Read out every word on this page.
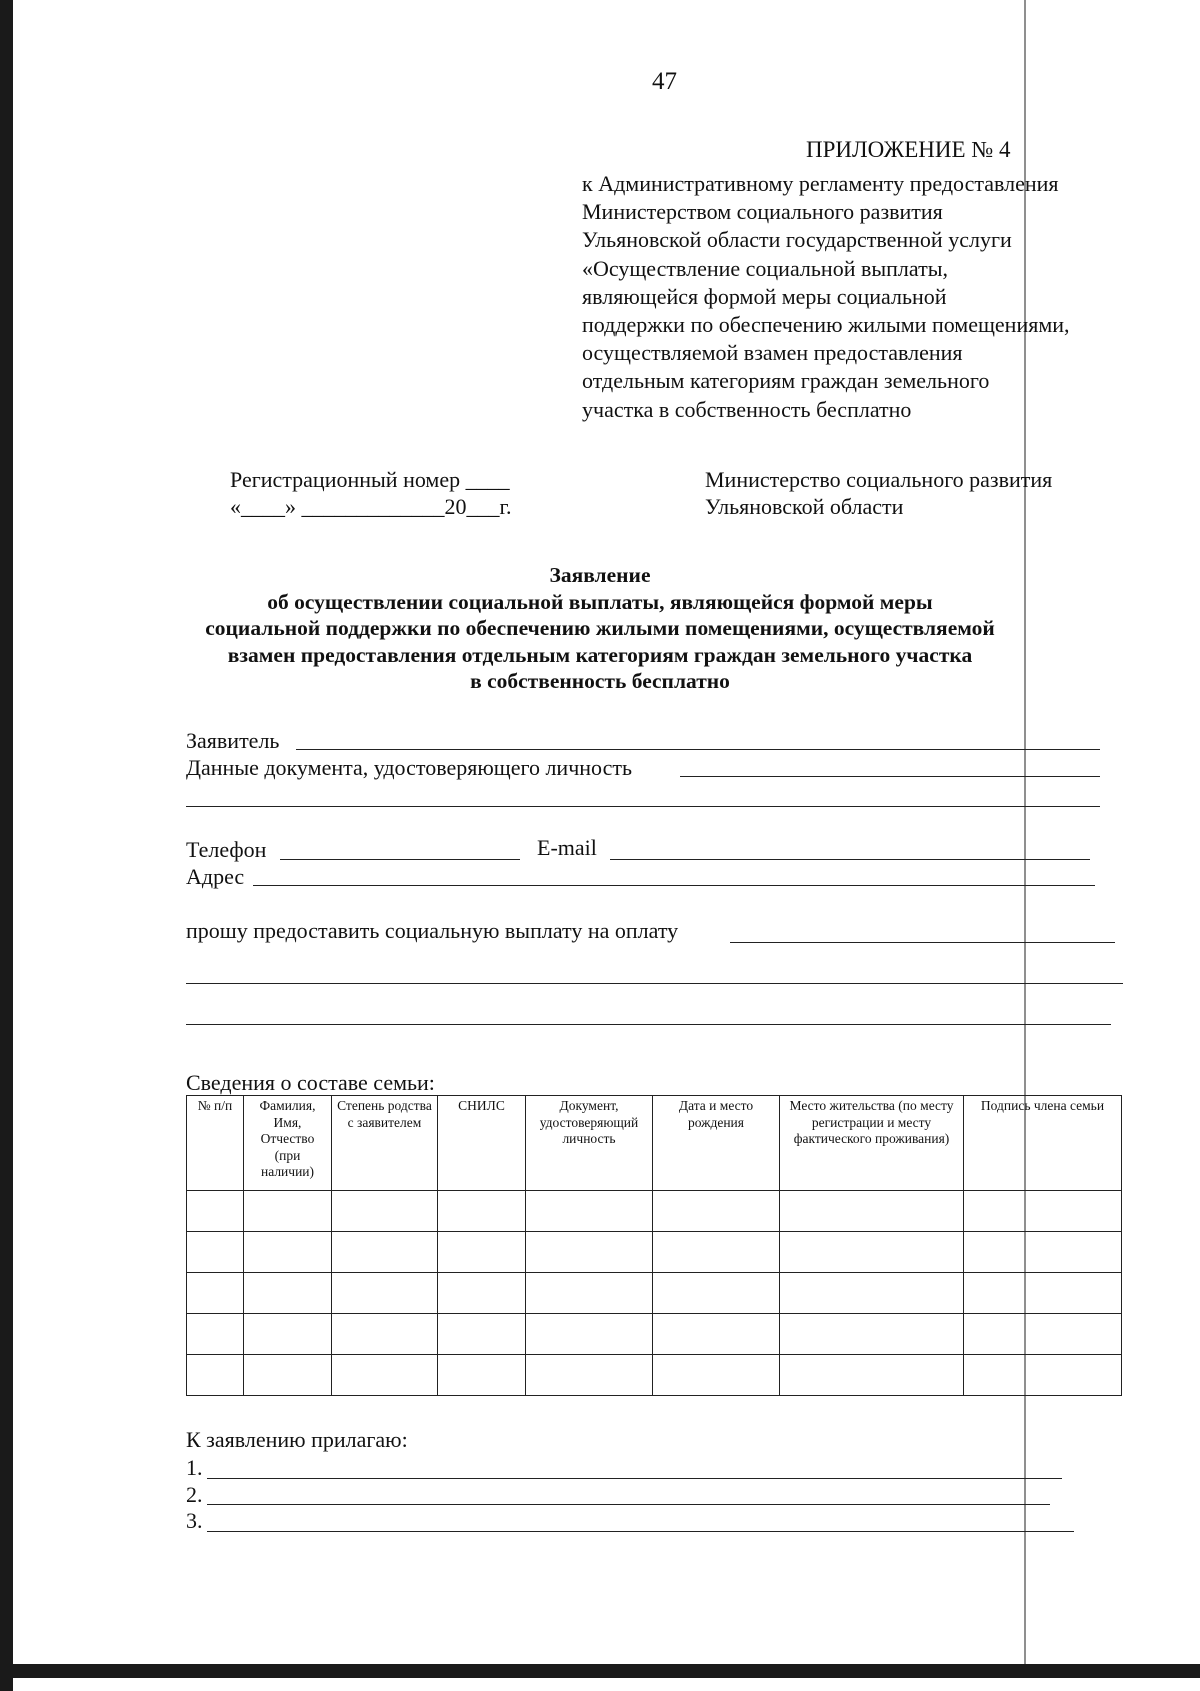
47
ПРИЛОЖЕНИЕ № 4
к Административному регламенту предоставления
Министерством социального развития
Ульяновской области государственной услуги
«Осуществление социальной выплаты,
являющейся формой меры социальной
поддержки по обеспечению жилыми помещениями,
осуществляемой взамен предоставления
отдельным категориям граждан земельного
участка в собственность бесплатно
Регистрационный номер ____
«____» _____________20___г.
Министерство социального развития
Ульяновской области
Заявление
об осуществлении социальной выплаты, являющейся формой меры
социальной поддержки по обеспечению жилыми помещениями, осуществляемой
взамен предоставления отдельным категориям граждан земельного участка
в собственность бесплатно
Заявитель
Данные документа, удостоверяющего личность
Телефон	E-mail
Адрес
прошу предоставить социальную выплату на оплату
Сведения о составе семьи:
№ п/п	Фамилия, Имя, Отчество (при наличии)	Степень родства с заявителем	СНИЛС	Документ, удостоверяющий личность	Дата и место рождения	Место жительства (по месту регистрации и месту фактического проживания)	Подпись члена семьи

К заявлению прилагаю:
1.
2.
3.
